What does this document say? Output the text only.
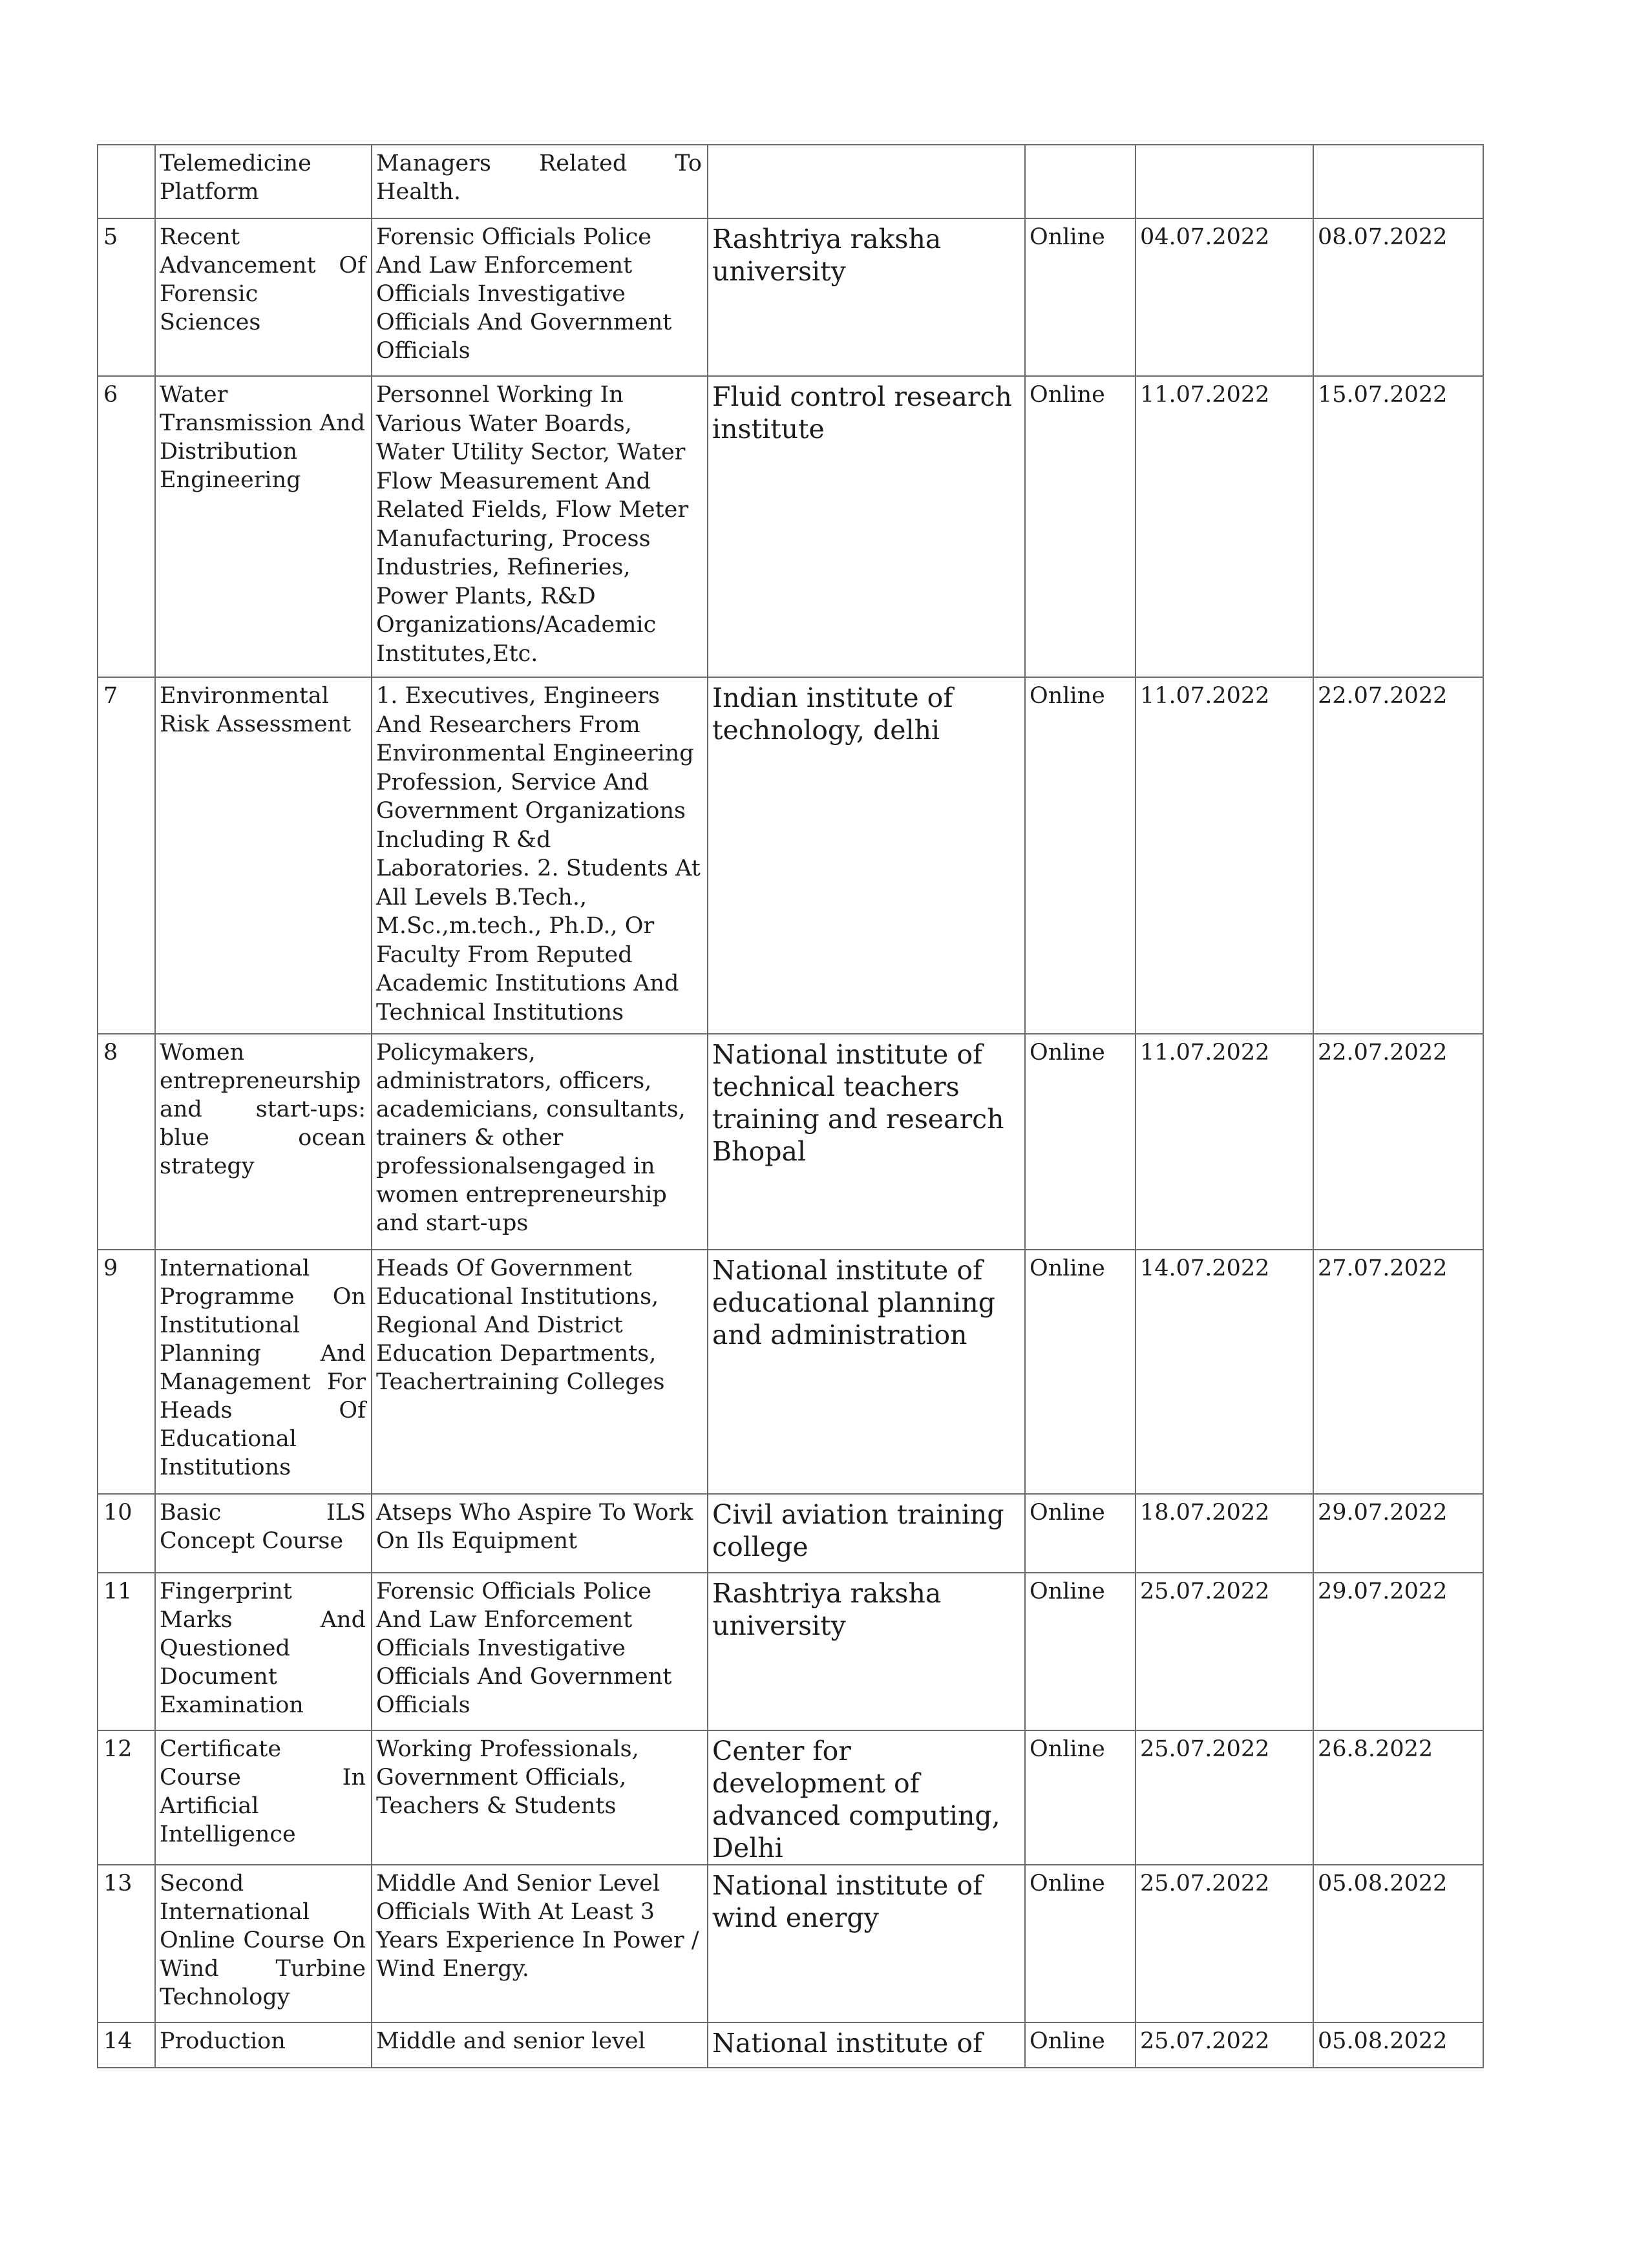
	Telemedicine Platform	Managers Related To Health.				
5	Recent Advancement Of Forensic Sciences	Forensic Officials Police And Law Enforcement Officials Investigative Officials And Government Officials	Rashtriya raksha university	Online	04.07.2022	08.07.2022
6	Water Transmission And Distribution Engineering	Personnel Working In Various Water Boards, Water Utility Sector, Water Flow Measurement And Related Fields, Flow Meter Manufacturing, Process Industries, Refineries, Power Plants, R&D Organizations/Academic Institutes,Etc.	Fluid control research institute	Online	11.07.2022	15.07.2022
7	Environmental Risk Assessment	1. Executives, Engineers And Researchers From Environmental Engineering Profession, Service And Government Organizations Including R &d Laboratories. 2. Students At All Levels B.Tech., M.Sc.,m.tech., Ph.D., Or Faculty From Reputed Academic Institutions And Technical Institutions	Indian institute of technology, delhi	Online	11.07.2022	22.07.2022
8	Women entrepreneurship and start-ups: blue ocean strategy	Policymakers, administrators, officers, academicians, consultants, trainers & other professionalsengaged in women entrepreneurship and start-ups	National institute of technical teachers training and research Bhopal	Online	11.07.2022	22.07.2022
9	International Programme On Institutional Planning And Management For Heads Of Educational Institutions	Heads Of Government Educational Institutions, Regional And District Education Departments, Teachertraining Colleges	National institute of educational planning and administration	Online	14.07.2022	27.07.2022
10	Basic ILS Concept Course	Atseps Who Aspire To Work On Ils Equipment	Civil aviation training college	Online	18.07.2022	29.07.2022
11	Fingerprint Marks And Questioned Document Examination	Forensic Officials Police And Law Enforcement Officials Investigative Officials And Government Officials	Rashtriya raksha university	Online	25.07.2022	29.07.2022
12	Certificate Course In Artificial Intelligence	Working Professionals, Government Officials, Teachers & Students	Center for development of advanced computing, Delhi	Online	25.07.2022	26.8.2022
13	Second International Online Course On Wind Turbine Technology	Middle And Senior Level Officials With At Least 3 Years Experience In Power / Wind Energy.	National institute of wind energy	Online	25.07.2022	05.08.2022
14	Production	Middle and senior level	National institute of	Online	25.07.2022	05.08.2022
